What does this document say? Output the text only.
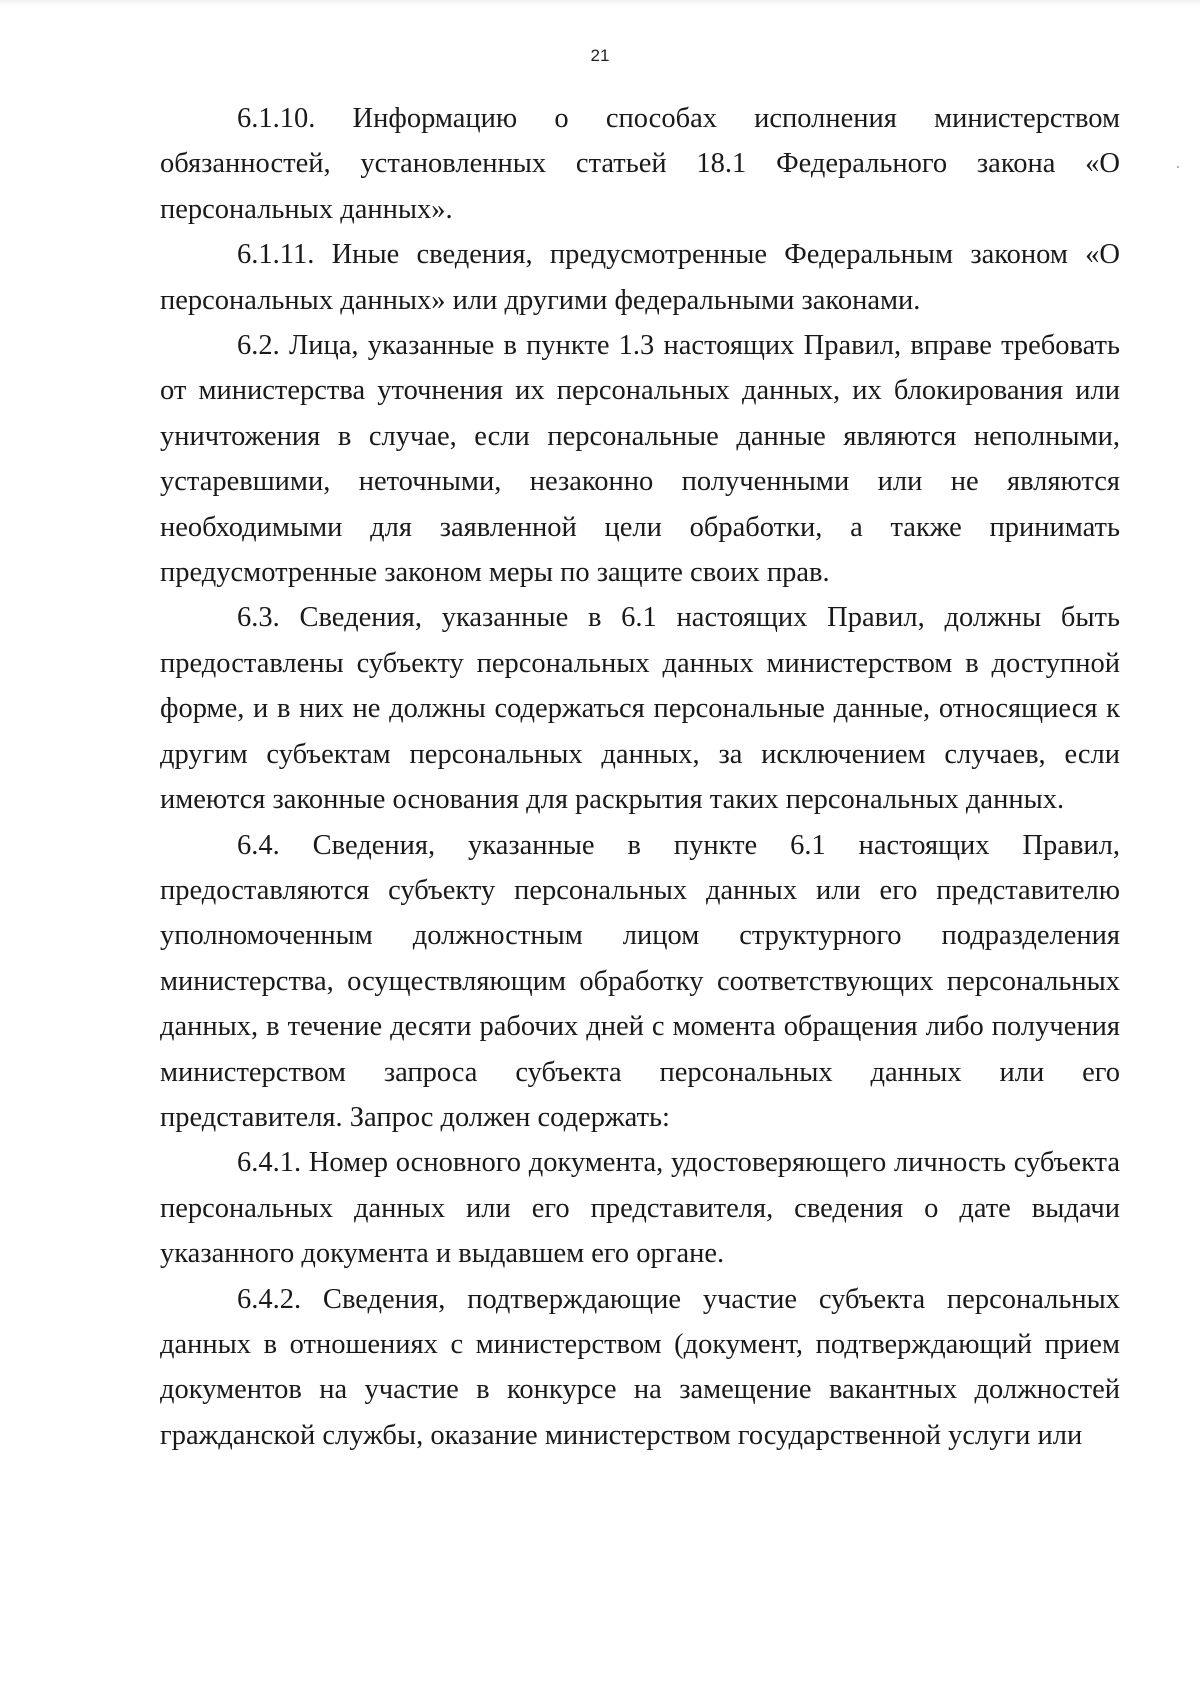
21

6.1.10. Информацию о способах исполнения министерством обязанностей, установленных статьей 18.1 Федерального закона «О персональных данных».

6.1.11. Иные сведения, предусмотренные Федеральным законом «О персональных данных» или другими федеральными законами.

6.2. Лица, указанные в пункте 1.3 настоящих Правил, вправе требовать от министерства уточнения их персональных данных, их блокирования или уничтожения в случае, если персональные данные являются неполными, устаревшими, неточными, незаконно полученными или не являются необходимыми для заявленной цели обработки, а также принимать предусмотренные законом меры по защите своих прав.

6.3. Сведения, указанные в 6.1 настоящих Правил, должны быть предоставлены субъекту персональных данных министерством в доступной форме, и в них не должны содержаться персональные данные, относящиеся к другим субъектам персональных данных, за исключением случаев, если имеются законные основания для раскрытия таких персональных данных.

6.4. Сведения, указанные в пункте 6.1 настоящих Правил, предоставляются субъекту персональных данных или его представителю уполномоченным должностным лицом структурного подразделения министерства, осуществляющим обработку соответствующих персональных данных, в течение десяти рабочих дней с момента обращения либо получения министерством запроса субъекта персональных данных или его представителя. Запрос должен содержать:

6.4.1. Номер основного документа, удостоверяющего личность субъекта персональных данных или его представителя, сведения о дате выдачи указанного документа и выдавшем его органе.

6.4.2. Сведения, подтверждающие участие субъекта персональных данных в отношениях с министерством (документ, подтверждающий прием документов на участие в конкурсе на замещение вакантных должностей гражданской службы, оказание министерством государственной услуги или
